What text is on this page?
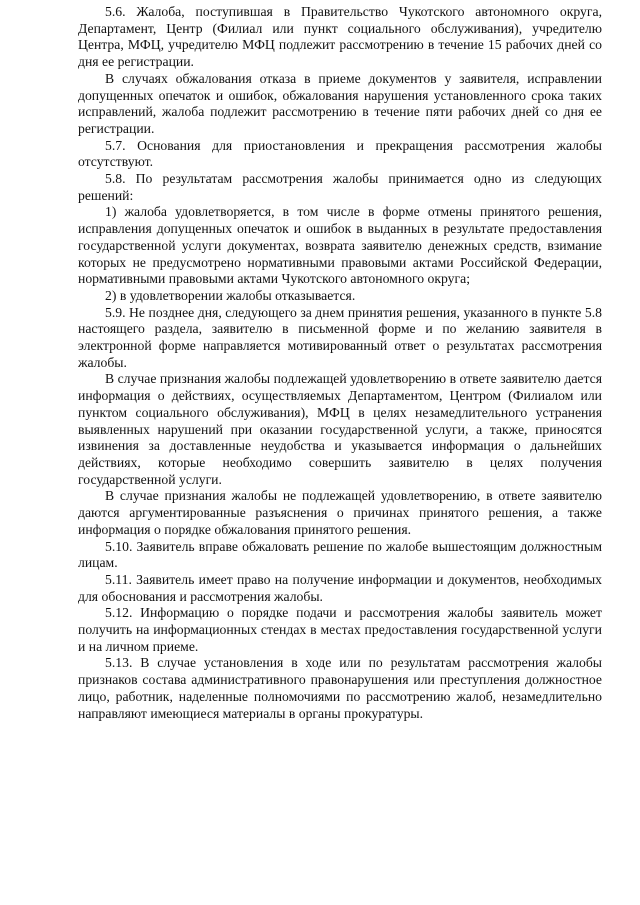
5.6. Жалоба, поступившая в Правительство Чукотского автономного округа, Департамент, Центр (Филиал или пункт социального обслуживания), учредителю Центра, МФЦ, учредителю МФЦ подлежит рассмотрению в течение 15 рабочих дней со дня ее регистрации.

В случаях обжалования отказа в приеме документов у заявителя, исправлении допущенных опечаток и ошибок, обжалования нарушения установленного срока таких исправлений, жалоба подлежит рассмотрению в течение пяти рабочих дней со дня ее регистрации.

5.7. Основания для приостановления и прекращения рассмотрения жалобы отсутствуют.

5.8. По результатам рассмотрения жалобы принимается одно из следующих решений:

1) жалоба удовлетворяется, в том числе в форме отмены принятого решения, исправления допущенных опечаток и ошибок в выданных в результате предоставления государственной услуги документах, возврата заявителю денежных средств, взимание которых не предусмотрено нормативными правовыми актами Российской Федерации, нормативными правовыми актами Чукотского автономного округа;

2) в удовлетворении жалобы отказывается.

5.9. Не позднее дня, следующего за днем принятия решения, указанного в пункте 5.8 настоящего раздела, заявителю в письменной форме и по желанию заявителя в электронной форме направляется мотивированный ответ о результатах рассмотрения жалобы.

В случае признания жалобы подлежащей удовлетворению в ответе заявителю дается информация о действиях, осуществляемых Департаментом, Центром (Филиалом или пунктом социального обслуживания), МФЦ в целях незамедлительного устранения выявленных нарушений при оказании государственной услуги, а также, приносятся извинения за доставленные неудобства и указывается информация о дальнейших действиях, которые необходимо совершить заявителю в целях получения государственной услуги.

В случае признания жалобы не подлежащей удовлетворению, в ответе заявителю даются аргументированные разъяснения о причинах принятого решения, а также информация о порядке обжалования принятого решения.

5.10. Заявитель вправе обжаловать решение по жалобе вышестоящим должностным лицам.

5.11. Заявитель имеет право на получение информации и документов, необходимых для обоснования и рассмотрения жалобы.

5.12. Информацию о порядке подачи и рассмотрения жалобы заявитель может получить на информационных стендах в местах предоставления государственной услуги и на личном приеме.

5.13. В случае установления в ходе или по результатам рассмотрения жалобы признаков состава административного правонарушения или преступления должностное лицо, работник, наделенные полномочиями по рассмотрению жалоб, незамедлительно направляют имеющиеся материалы в органы прокуратуры.
